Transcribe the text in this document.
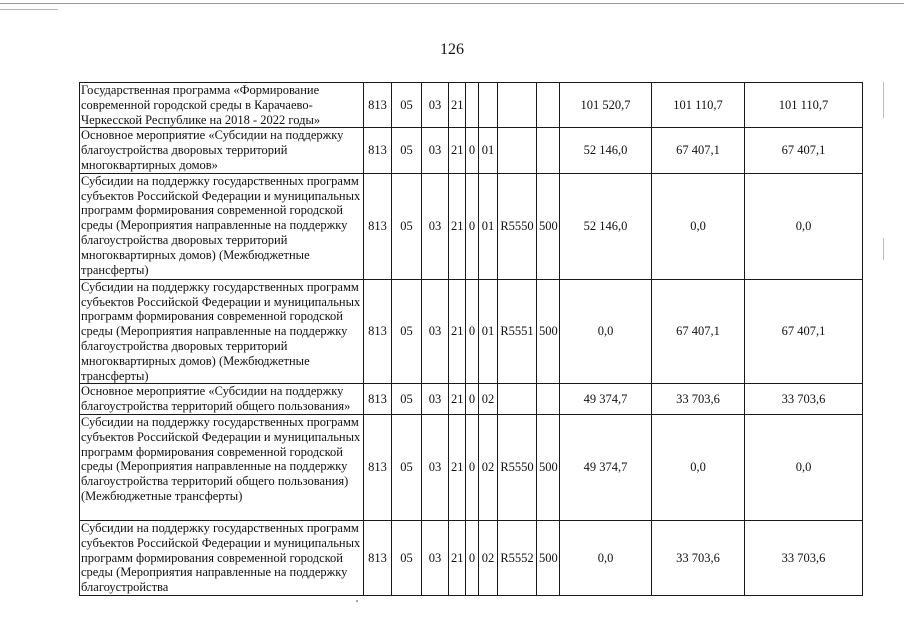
126
Государственная программа «Формирование современной городской среды в Карачаево-Черкесской Республике на 2018 - 2022 годы»	813	05	03	21					101 520,7	101 110,7	101 110,7
Основное мероприятие «Субсидии на поддержку благоустройства дворовых территорий многоквартирных домов»	813	05	03	21	0	01			52 146,0	67 407,1	67 407,1
Субсидии на поддержку государственных программ субъектов Российской Федерации и муниципальных программ формирования современной городской среды (Мероприятия направленные на поддержку благоустройства дворовых территорий многоквартирных домов) (Межбюджетные трансферты)	813	05	03	21	0	01	R5550	500	52 146,0	0,0	0,0
Субсидии на поддержку государственных программ субъектов Российской Федерации и муниципальных программ формирования современной городской среды (Мероприятия направленные на поддержку благоустройства дворовых территорий многоквартирных домов) (Межбюджетные трансферты)	813	05	03	21	0	01	R5551	500	0,0	67 407,1	67 407,1
Основное мероприятие «Субсидии на поддержку благоустройства территорий общего пользования»	813	05	03	21	0	02			49 374,7	33 703,6	33 703,6
Субсидии на поддержку государственных программ субъектов Российской Федерации и муниципальных программ формирования современной городской среды (Мероприятия направленные на поддержку благоустройства территорий общего пользования) (Межбюджетные трансферты)	813	05	03	21	0	02	R5550	500	49 374,7	0,0	0,0
Субсидии на поддержку государственных программ субъектов Российской Федерации и муниципальных программ формирования современной городской среды (Мероприятия направленные на поддержку благоустройства	813	05	03	21	0	02	R5552	500	0,0	33 703,6	33 703,6
